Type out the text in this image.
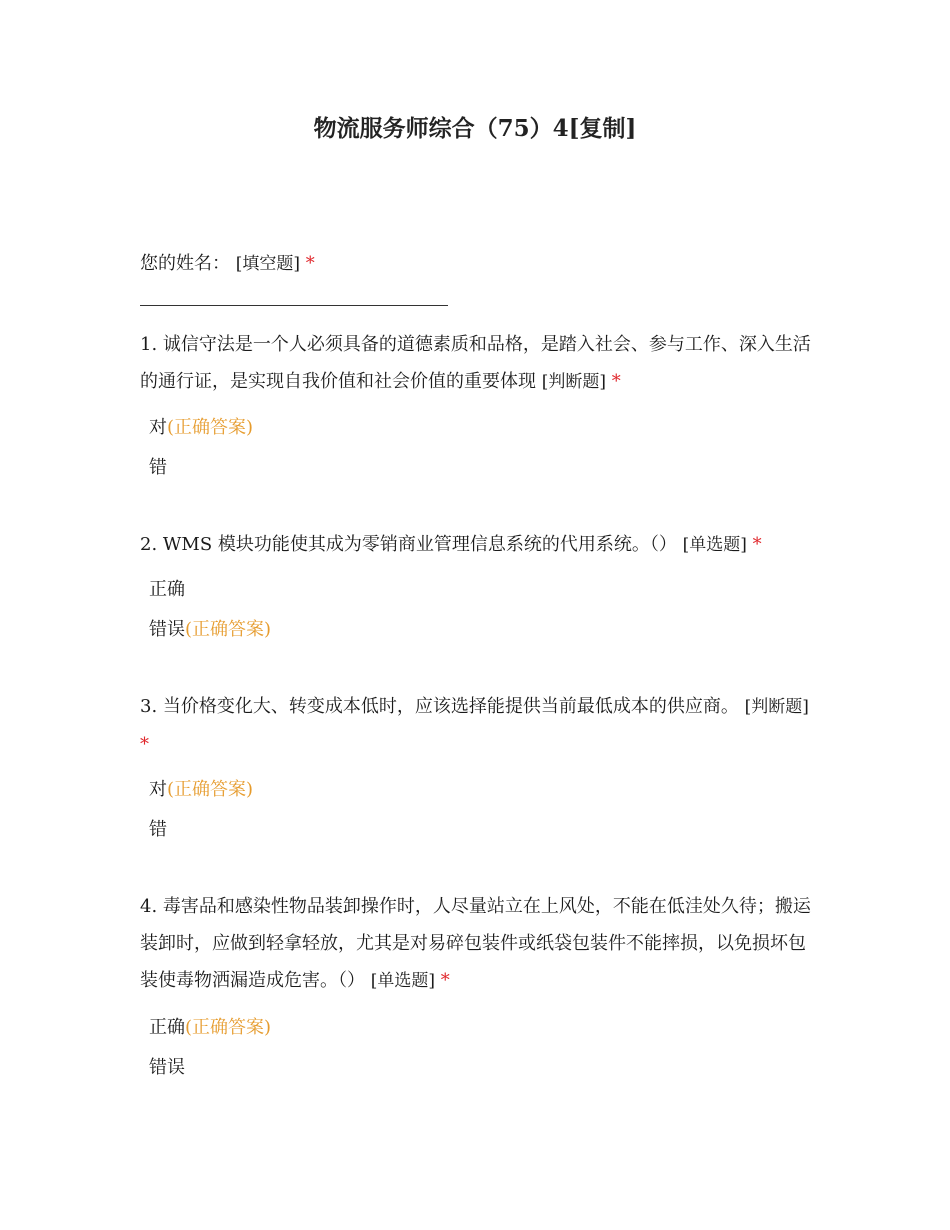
物流服务师综合（75）4[复制]
您的姓名： [填空题] *
1. 诚信守法是一个人必须具备的道德素质和品格，是踏入社会、参与工作、深入生活的通行证，是实现自我价值和社会价值的重要体现 [判断题] *
对(正确答案)
错
2. WMS 模块功能使其成为零销商业管理信息系统的代用系统。（） [单选题] *
正确
错误(正确答案)
3. 当价格变化大、转变成本低时，应该选择能提供当前最低成本的供应商。 [判断题] *
对(正确答案)
错
4. 毒害品和感染性物品装卸操作时，人尽量站立在上风处，不能在低洼处久待；搬运装卸时，应做到轻拿轻放，尤其是对易碎包装件或纸袋包装件不能摔损，以免损坏包装使毒物洒漏造成危害。（） [单选题] *
正确(正确答案)
错误
